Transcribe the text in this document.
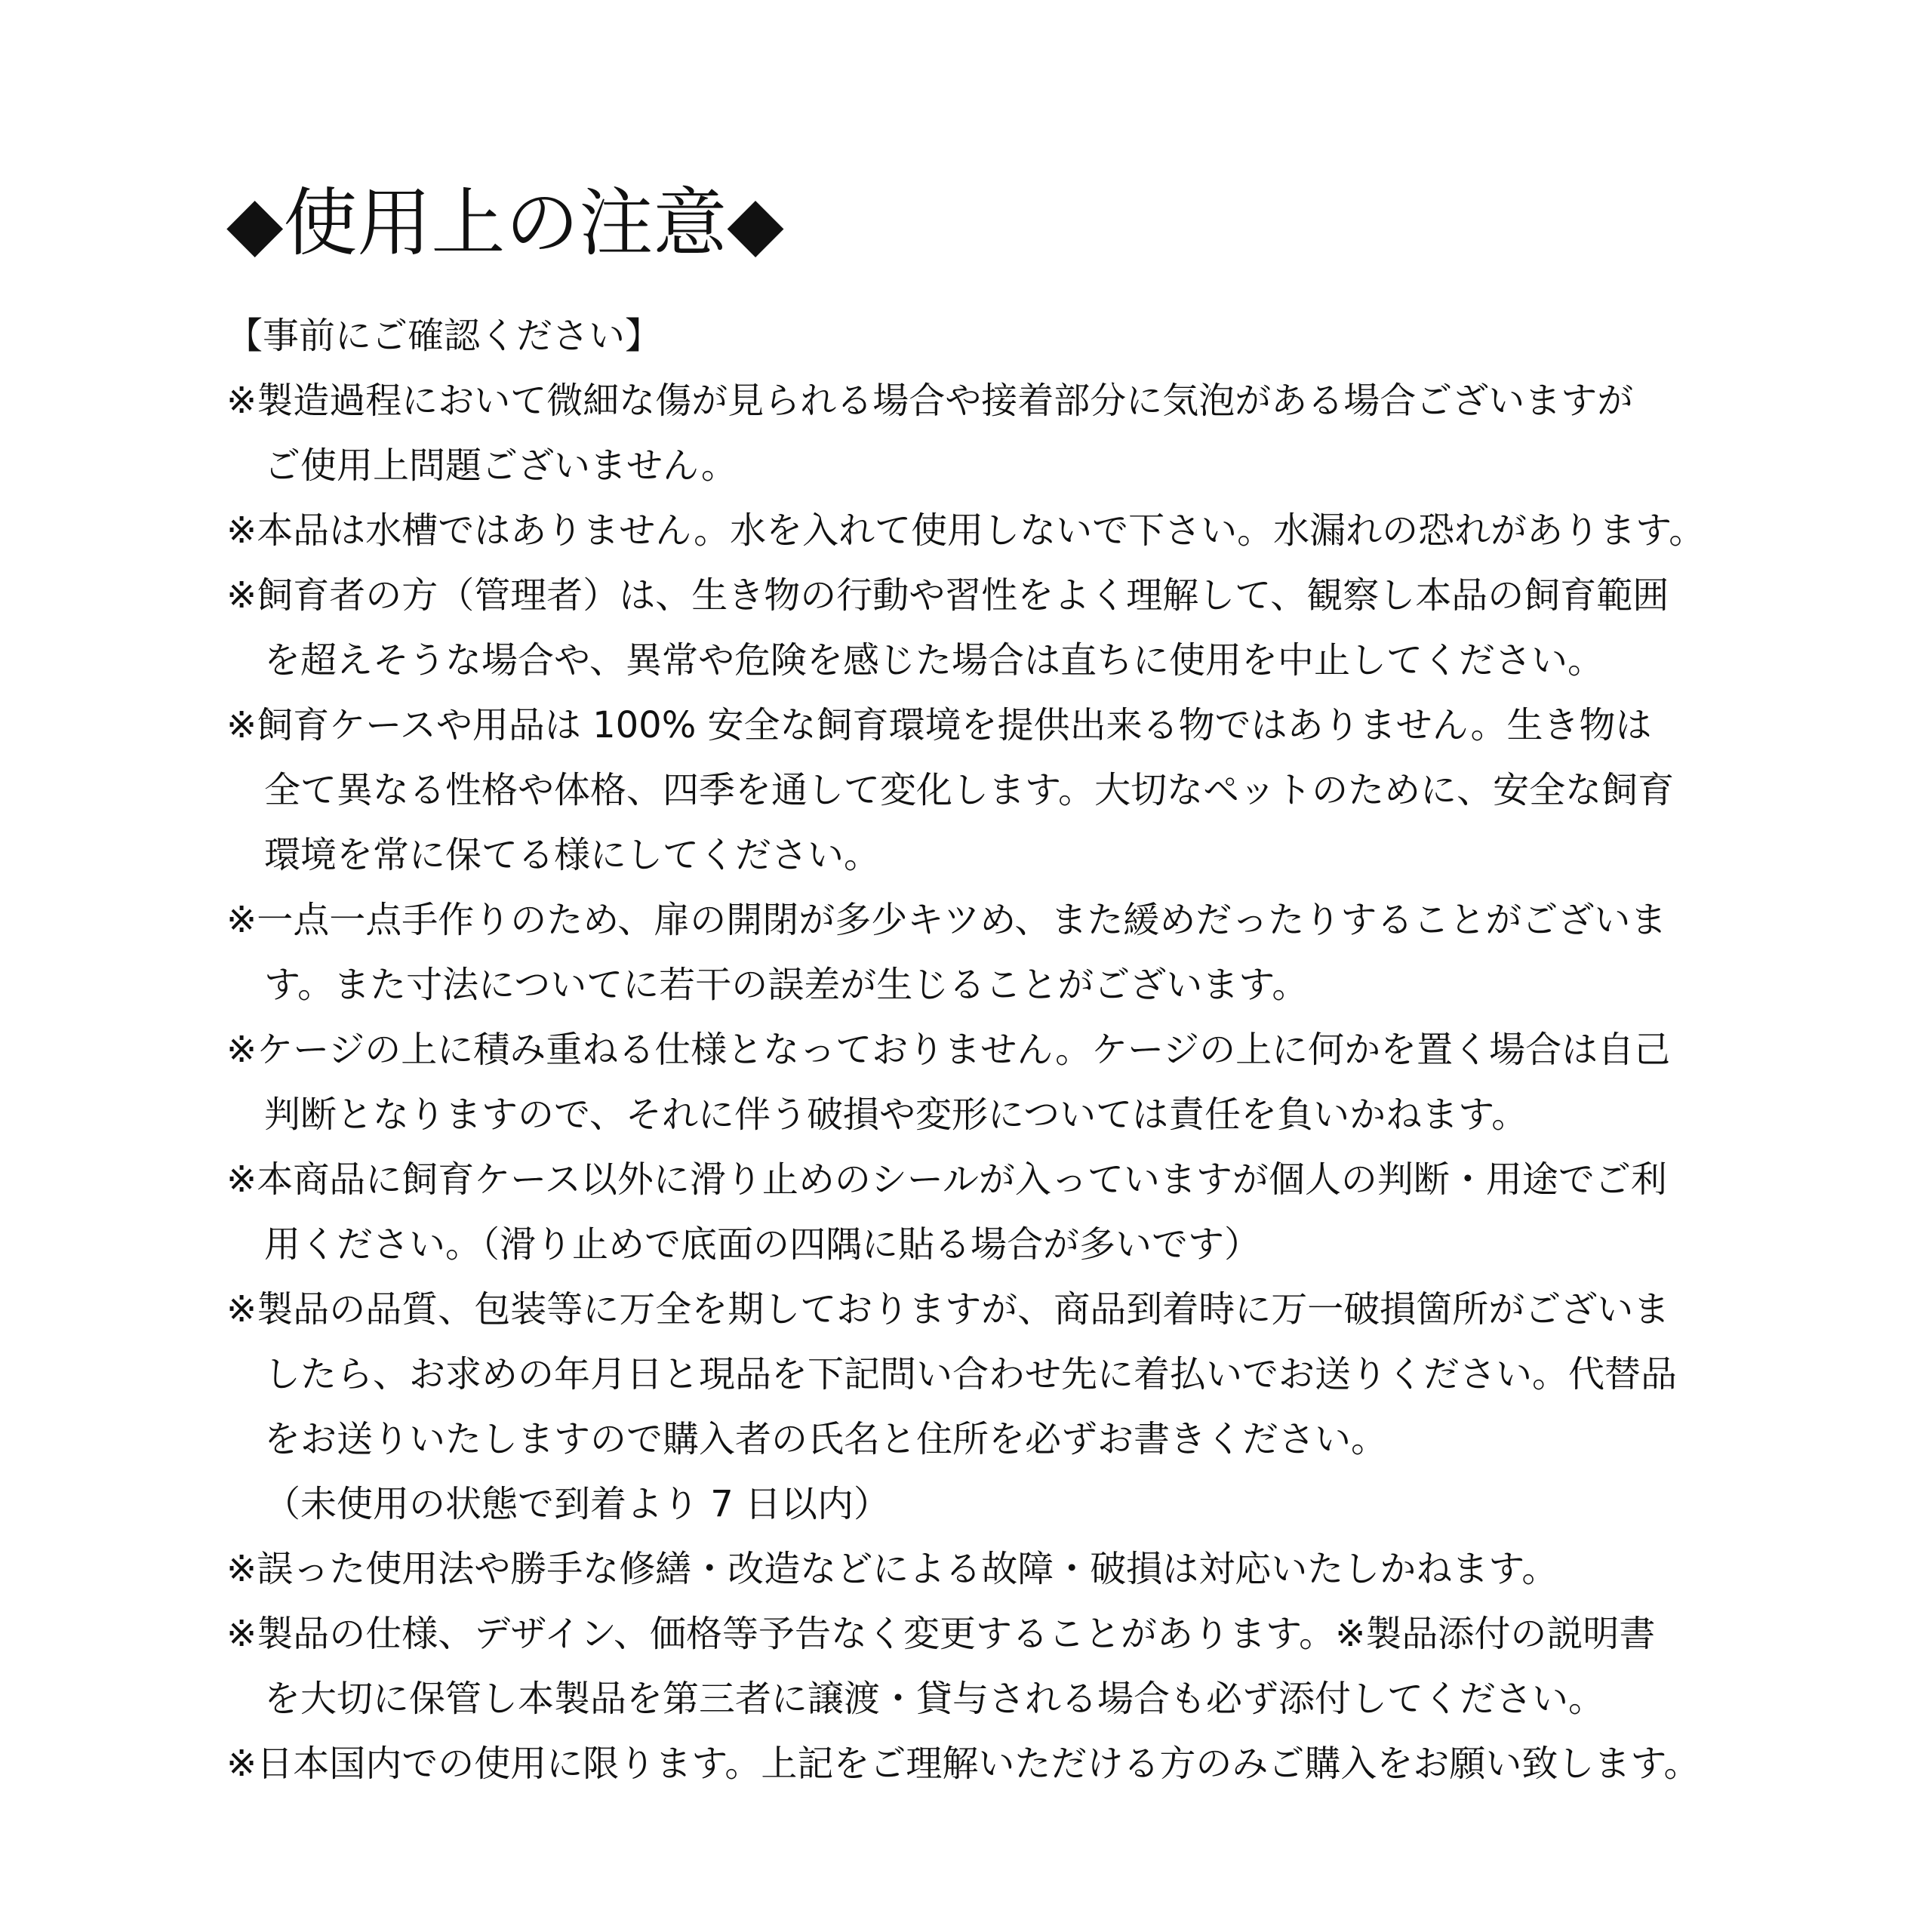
◆使用上の注意◆
【事前にご確認ください】
※製造過程において微細な傷が見られる場合や接着部分に気泡がある場合ございますが
ご使用上問題ございません。
※本品は水槽ではありません。水を入れて使用しないで下さい。水漏れの恐れがあります。
※飼育者の方（管理者）は、生き物の行動や習性をよく理解して、観察し本品の飼育範囲
を超えそうな場合や、異常や危険を感じた場合は直ちに使用を中止してください。
※飼育ケースや用品は 100% 安全な飼育環境を提供出来る物ではありません。生き物は
全て異なる性格や体格、四季を通して変化します。大切なペットのために、安全な飼育
環境を常に保てる様にしてください。
※一点一点手作りのため、扉の開閉が多少キツめ、また緩めだったりすることがございま
す。また寸法についてに若干の誤差が生じることがございます。
※ケージの上に積み重ねる仕様となっておりません。ケージの上に何かを置く場合は自己
判断となりますので、それに伴う破損や変形については責任を負いかねます。
※本商品に飼育ケース以外に滑り止めのシールが入っていますが個人の判断・用途でご利
用ください。（滑り止めで底面の四隅に貼る場合が多いです）
※製品の品質、包装等に万全を期しておりますが、商品到着時に万一破損箇所がございま
したら、お求めの年月日と現品を下記問い合わせ先に着払いでお送りください。代替品
をお送りいたしますので購入者の氏名と住所を必ずお書きください。
（未使用の状態で到着より 7 日以内）
※誤った使用法や勝手な修繕・改造などによる故障・破損は対応いたしかねます。
※製品の仕様、デザイン、価格等予告なく変更することがあります。※製品添付の説明書
を大切に保管し本製品を第三者に譲渡・貸与される場合も必ず添付してください。
※日本国内での使用に限ります。上記をご理解いただける方のみご購入をお願い致します。
